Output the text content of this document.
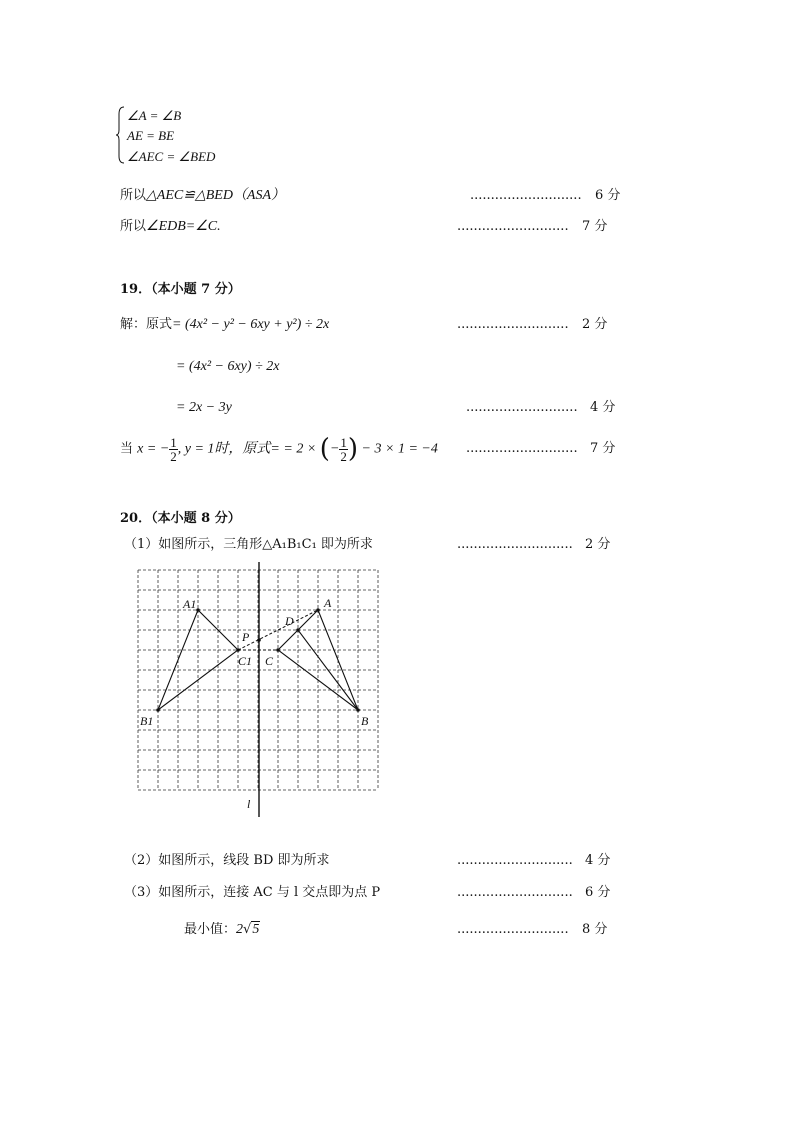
∠A = ∠B
AE = BE
∠AEC = ∠BED
所以△AEC≌△BED（ASA）	........................... 6 分
所以∠EDB=∠C.	........................... 7 分
19．（本小题 7 分）
解：原式= (4x² − y² − 6xy + y²) ÷ 2x	........................... 2 分
= (4x² − 6xy) ÷ 2x
= 2x − 3y	........................... 4 分
当 x = − $\frac{1}{2}$ , y = 1时，原式= = 2 × (− $\frac{1}{2}$ ) − 3 × 1 = −4 ........................... 7 分
20．（本小题 8 分）
（1）如图所示，三角形△A₁B₁C₁ 即为所求	............................ 2 分
A1
B1
C1
A
B
C
D
P
l
（2）如图所示，线段 BD 即为所求	............................ 4 分
（3）如图所示，连接 AC 与 l 交点即为点 P	............................ 6 分
最小值：2√5	........................... 8 分
